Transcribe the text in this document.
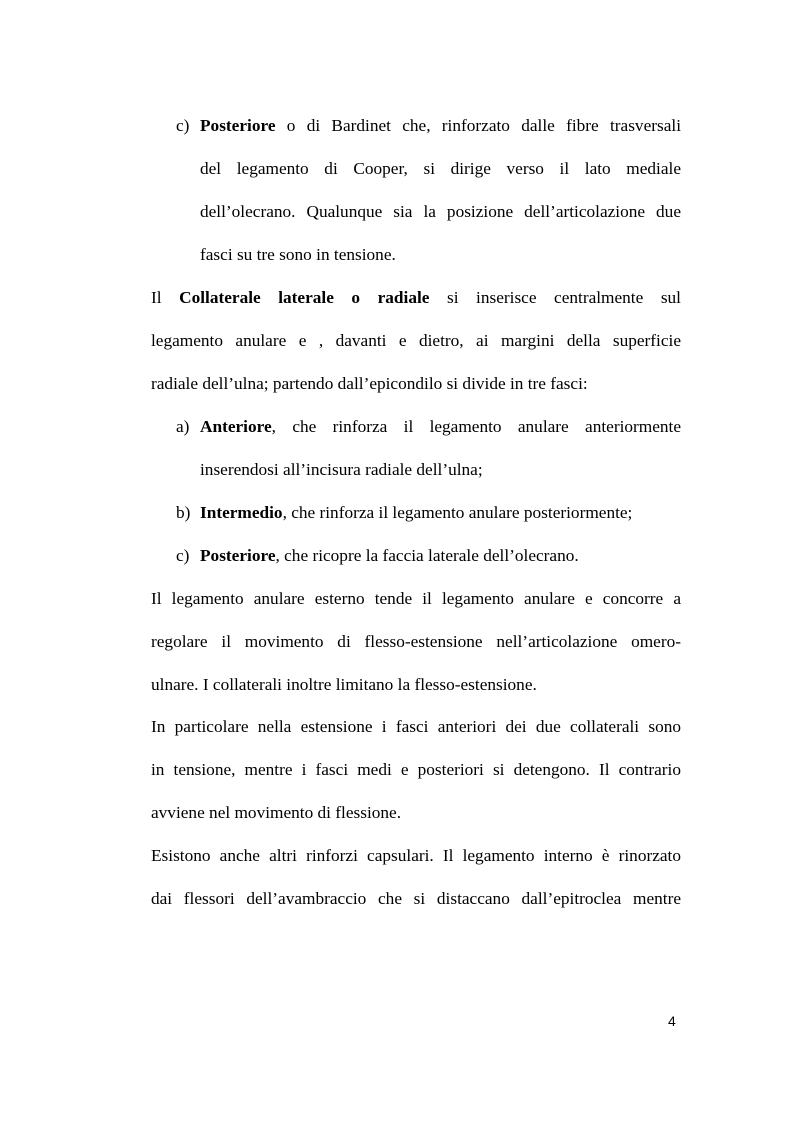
c) Posteriore o di Bardinet che, rinforzato dalle fibre trasversali

del legamento di Cooper, si dirige verso il lato mediale

dell’olecrano. Qualunque sia la posizione dell’articolazione due

fasci su tre sono in tensione.

Il Collaterale laterale o radiale si inserisce centralmente sul

legamento anulare e , davanti e dietro, ai margini della superficie

radiale dell’ulna; partendo dall’epicondilo si divide in tre fasci:

a) Anteriore, che rinforza il legamento anulare anteriormente

inserendosi all’incisura radiale dell’ulna;

b) Intermedio, che rinforza il legamento anulare posteriormente;

c) Posteriore, che ricopre la faccia laterale dell’olecrano.

Il legamento anulare esterno tende il legamento anulare e concorre a

regolare il movimento di flesso-estensione nell’articolazione omero-

ulnare. I collaterali inoltre limitano la flesso-estensione.

In particolare nella estensione i fasci anteriori dei due collaterali sono

in tensione, mentre i fasci medi e posteriori si detengono. Il contrario

avviene nel movimento di flessione.

Esistono anche altri rinforzi capsulari. Il legamento interno è rinorzato

dai flessori dell’avambraccio che si distaccano dall’epitroclea mentre

4
